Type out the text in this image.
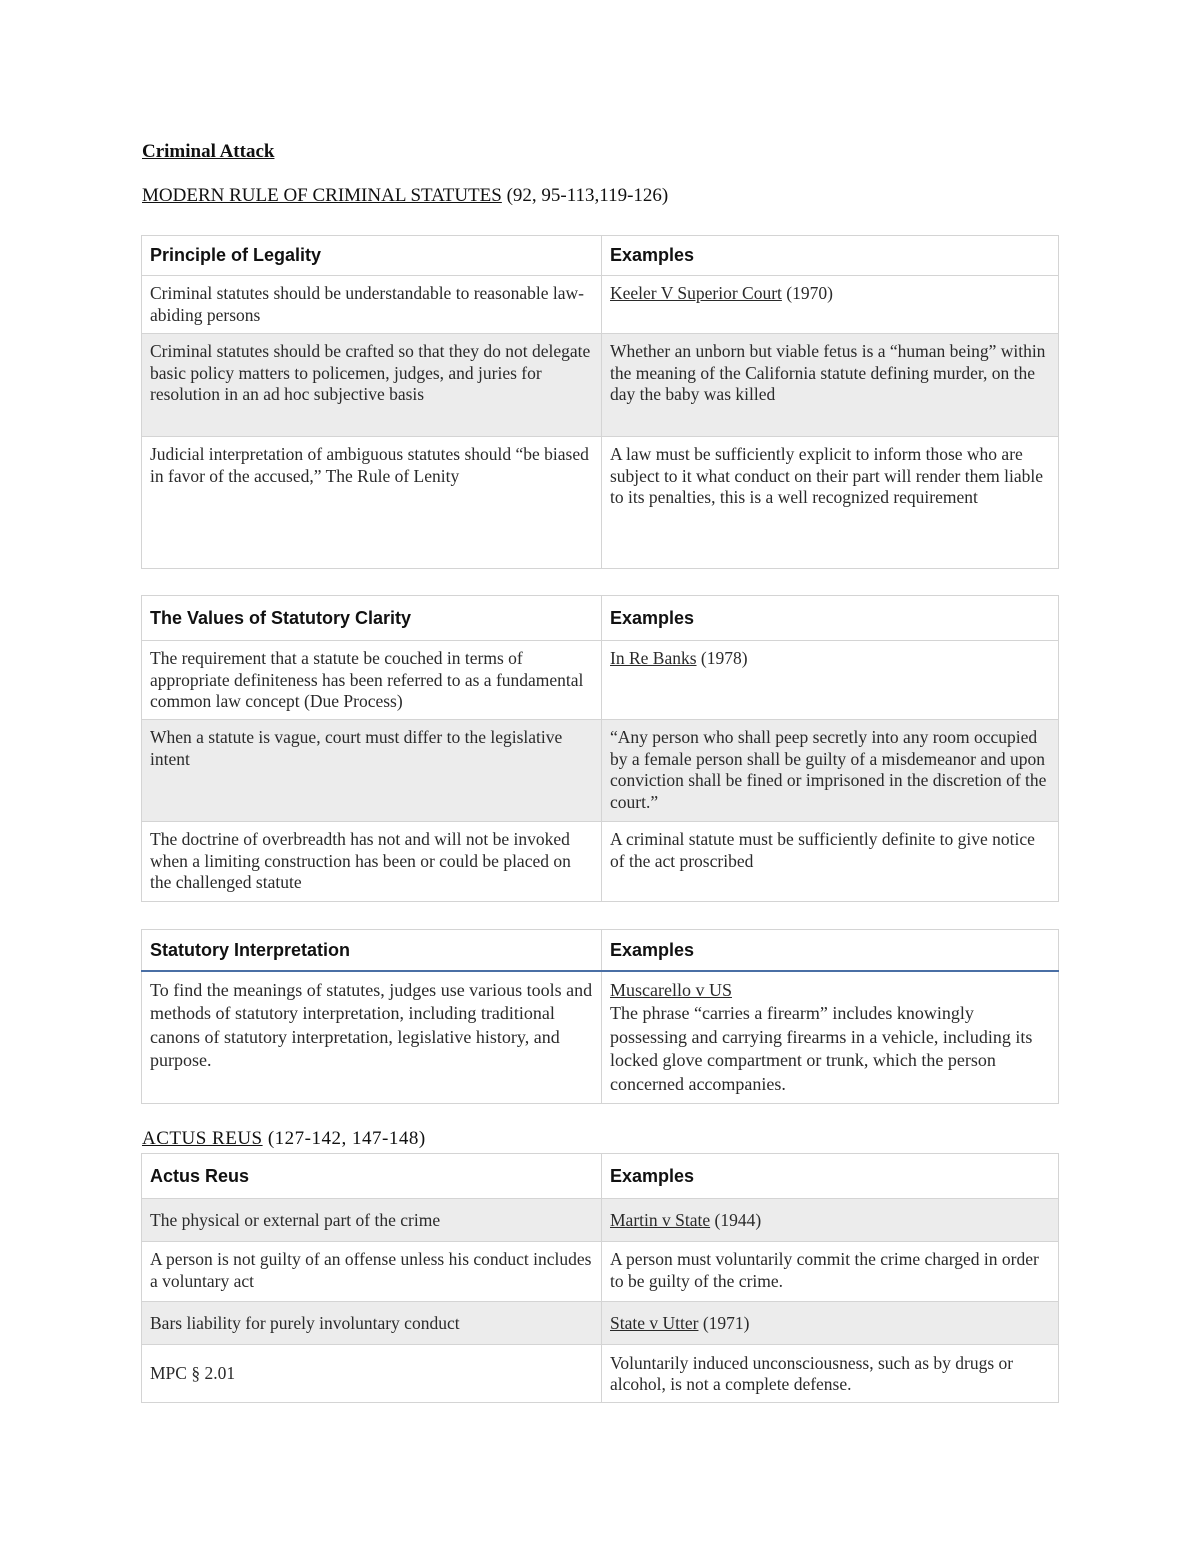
Criminal Attack
MODERN RULE OF CRIMINAL STATUTES (92, 95-113,119-126)
Principle of Legality	Examples
Criminal statutes should be understandable to reasonable law-abiding persons	Keeler V Superior Court (1970)
Criminal statutes should be crafted so that they do not delegate basic policy matters to policemen, judges, and juries for resolution in an ad hoc subjective basis	Whether an unborn but viable fetus is a “human being” within the meaning of the California statute defining murder, on the day the baby was killed
Judicial interpretation of ambiguous statutes should “be biased in favor of the accused,” The Rule of Lenity	A law must be sufficiently explicit to inform those who are subject to it what conduct on their part will render them liable to its penalties, this is a well recognized requirement
The Values of Statutory Clarity	Examples
The requirement that a statute be couched in terms of appropriate definiteness has been referred to as a fundamental common law concept (Due Process)	In Re Banks (1978)
When a statute is vague, court must differ to the legislative intent	“Any person who shall peep secretly into any room occupied by a female person shall be guilty of a misdemeanor and upon conviction shall be fined or imprisoned in the discretion of the court.”
The doctrine of overbreadth has not and will not be invoked when a limiting construction has been or could be placed on the challenged statute	A criminal statute must be sufficiently definite to give notice of the act proscribed
Statutory Interpretation	Examples
To find the meanings of statutes, judges use various tools and methods of statutory interpretation, including traditional canons of statutory interpretation, legislative history, and purpose.	Muscarello v US
The phrase “carries a firearm” includes knowingly possessing and carrying firearms in a vehicle, including its locked glove compartment or trunk, which the person concerned accompanies.
ACTUS REUS (127-142, 147-148)
Actus Reus	Examples
The physical or external part of the crime	Martin v State (1944)
A person is not guilty of an offense unless his conduct includes a voluntary act	A person must voluntarily commit the crime charged in order to be guilty of the crime.
Bars liability for purely involuntary conduct	State v Utter (1971)
MPC § 2.01	Voluntarily induced unconsciousness, such as by drugs or alcohol, is not a complete defense.
